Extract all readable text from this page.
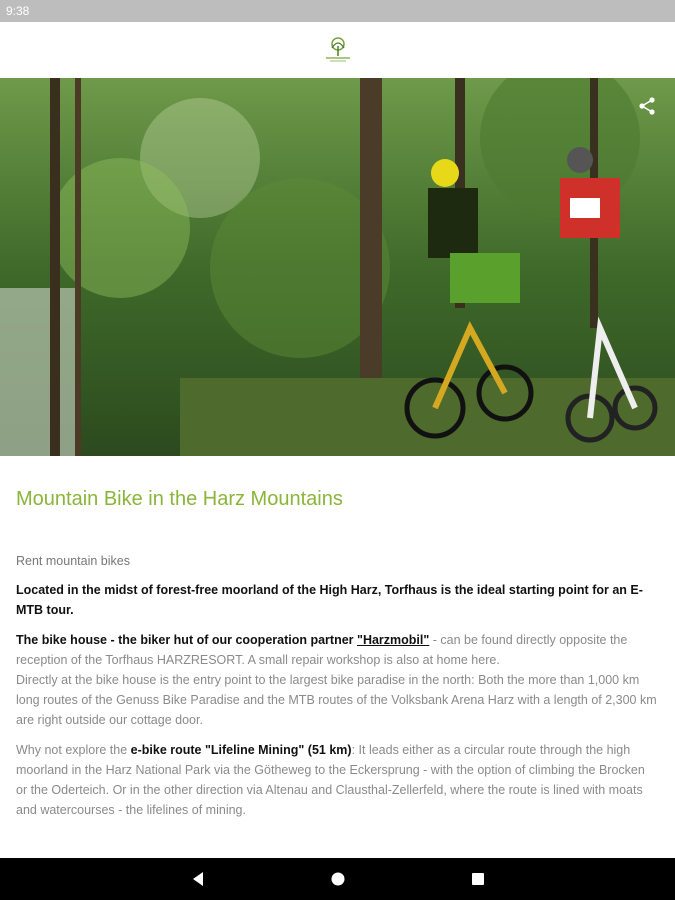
9:38
Mountain Bike in the Harz Mountains

Rent mountain bikes

Located in the midst of forest-free moorland of the High Harz, Torfhaus is the ideal starting point for an E-MTB tour.

The bike house - the biker hut of our cooperation partner "Harzmobil" - can be found directly opposite the reception of the Torfhaus HARZRESORT. A small repair workshop is also at home here.

Directly at the bike house is the entry point to the largest bike paradise in the north: Both the more than 1,000 km long routes of the Genuss Bike Paradise and the MTB routes of the Volksbank Arena Harz with a length of 2,300 km are right outside our cottage door.

Why not explore the e-bike route "Lifeline Mining" (51 km): It leads either as a circular route through the high moorland in the Harz National Park via the Götheweg to the Eckersprung - with the option of climbing the Brocken or the Oderteich. Or in the other direction via Altenau and Clausthal-Zellerfeld, where the route is lined with moats and watercourses - the lifelines of mining.
